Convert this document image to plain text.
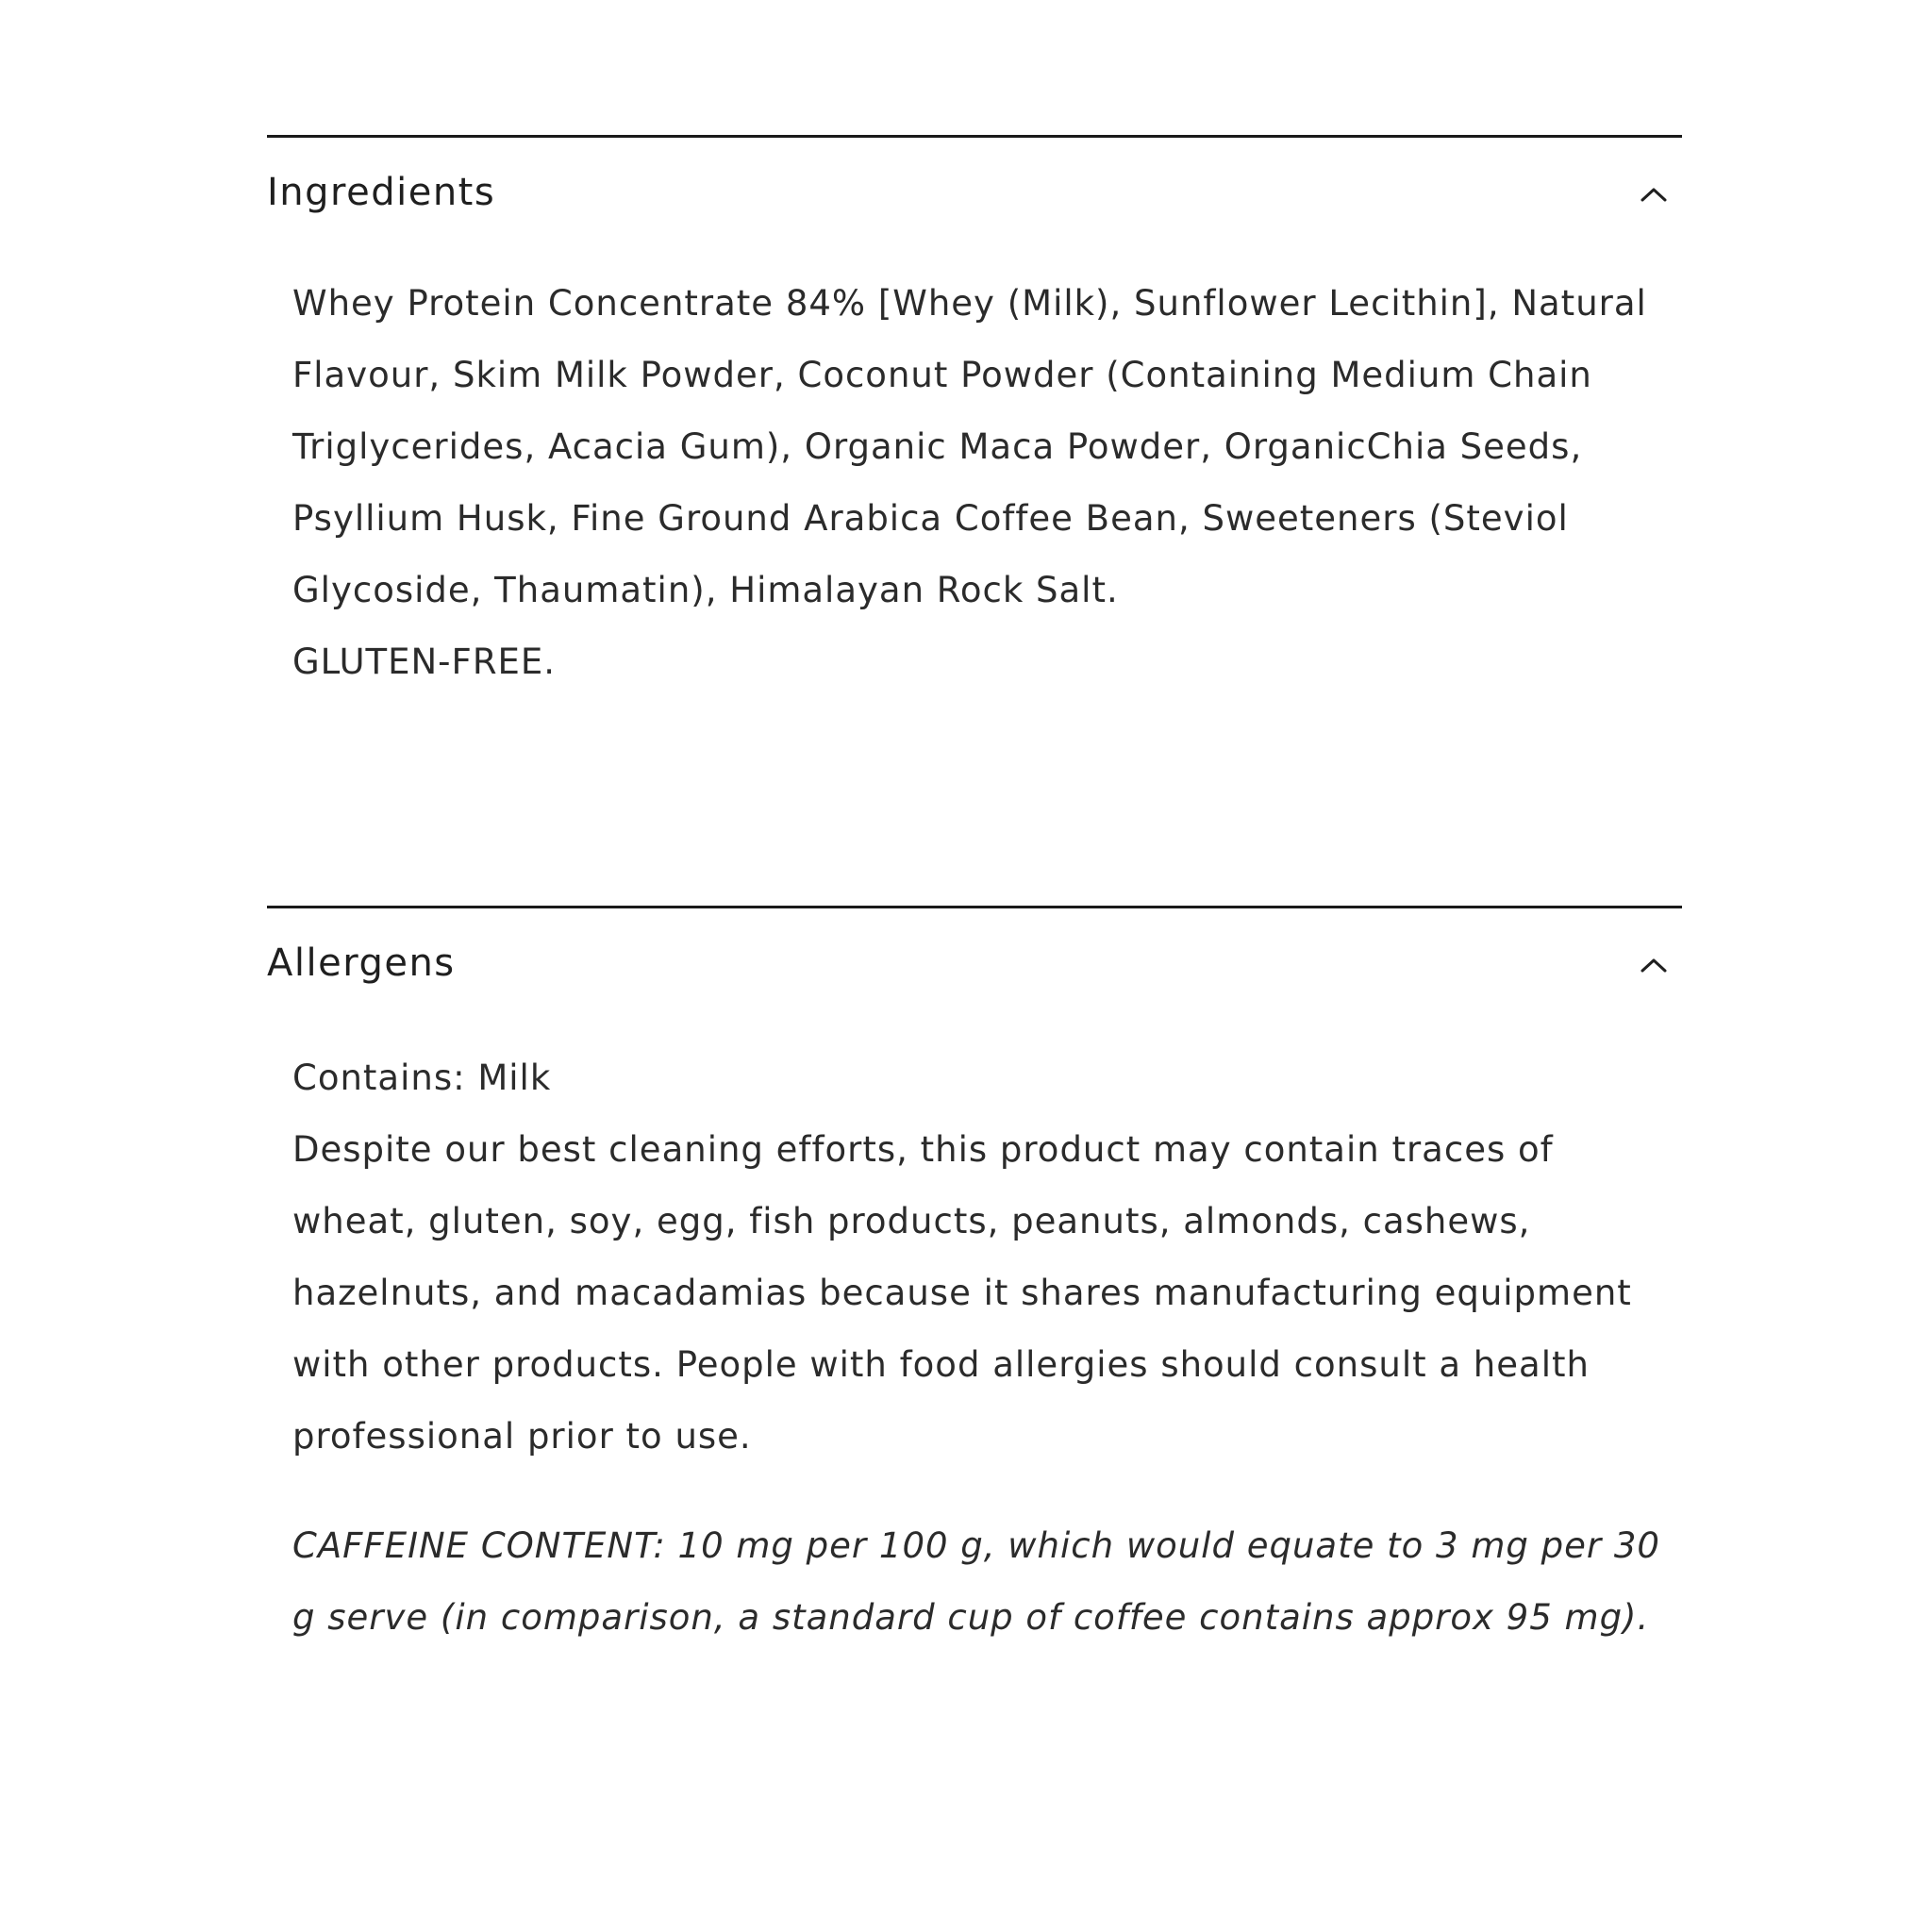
Ingredients

Whey Protein Concentrate 84% [Whey (Milk), Sunflower Lecithin], Natural Flavour, Skim Milk Powder, Coconut Powder (Containing Medium Chain Triglycerides, Acacia Gum), Organic Maca Powder, OrganicChia Seeds, Psyllium Husk, Fine Ground Arabica Coffee Bean, Sweeteners (Steviol Glycoside, Thaumatin), Himalayan Rock Salt.

GLUTEN-FREE.

Allergens

Contains: Milk

Despite our best cleaning efforts, this product may contain traces of wheat, gluten, soy, egg, fish products, peanuts, almonds, cashews, hazelnuts, and macadamias because it shares manufacturing equipment with other products. People with food allergies should consult a health professional prior to use.

CAFFEINE CONTENT: 10 mg per 100 g, which would equate to 3 mg per 30 g serve (in comparison, a standard cup of coffee contains approx 95 mg).
